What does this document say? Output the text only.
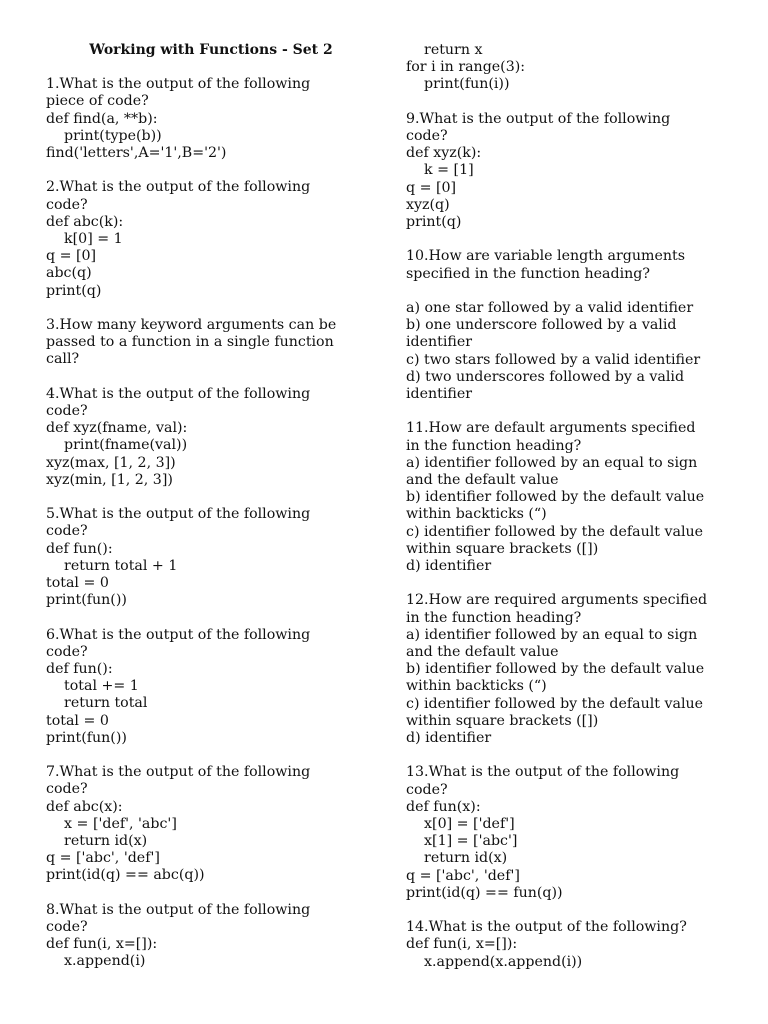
Working with Functions - Set 2
1.What is the output of the following
piece of code?
def find(a, **b):
print(type(b))
find('letters',A='1',B='2')
2.What is the output of the following
code?
def abc(k):
k[0] = 1
q = [0]
abc(q)
print(q)
3.How many keyword arguments can be
passed to a function in a single function
call?
4.What is the output of the following
code?
def xyz(fname, val):
print(fname(val))
xyz(max, [1, 2, 3])
xyz(min, [1, 2, 3])
5.What is the output of the following
code?
def fun():
return total + 1
total = 0
print(fun())
6.What is the output of the following
code?
def fun():
total += 1
return total
total = 0
print(fun())
7.What is the output of the following
code?
def abc(x):
x = ['def', 'abc']
return id(x)
q = ['abc', 'def']
print(id(q) == abc(q))
8.What is the output of the following
code?
def fun(i, x=[]):
x.append(i)
return x
for i in range(3):
print(fun(i))
9.What is the output of the following
code?
def xyz(k):
k = [1]
q = [0]
xyz(q)
print(q)
10.How are variable length arguments
specified in the function heading?
a) one star followed by a valid identifier
b) one underscore followed by a valid
identifier
c) two stars followed by a valid identifier
d) two underscores followed by a valid
identifier
11.How are default arguments specified
in the function heading?
a) identifier followed by an equal to sign
and the default value
b) identifier followed by the default value
within backticks (“)
c) identifier followed by the default value
within square brackets ([])
d) identifier
12.How are required arguments specified
in the function heading?
a) identifier followed by an equal to sign
and the default value
b) identifier followed by the default value
within backticks (“)
c) identifier followed by the default value
within square brackets ([])
d) identifier
13.What is the output of the following
code?
def fun(x):
x[0] = ['def']
x[1] = ['abc']
return id(x)
q = ['abc', 'def']
print(id(q) == fun(q))
14.What is the output of the following?
def fun(i, x=[]):
x.append(x.append(i))
